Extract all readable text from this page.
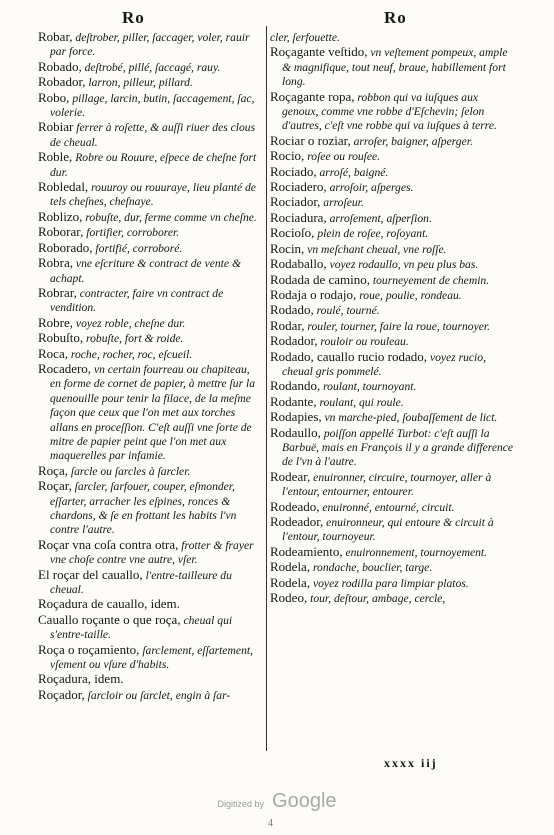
Ro	Ro

Robar, deſtrober, piller, ſaccager, voler, rauir par force.

Robado, deſtrobé, pillé, ſaccagé, rauy.

Robador, larron, pilleur, pillard.

Robo, pillage, larcin, butin, ſaccagement, ſac, volerie.

Robiar ferrer à roſette, & auſſi riuer des clous de cheual.

Roble, Robre ou Rouure, eſpece de cheſne fort dur.

Robledal, rouuroy ou rouuraye, lieu planté de tels cheſnes, cheſnaye.

Roblizo, robuſte, dur, ferme comme vn cheſne.

Roborar, fortifier, corroborer.

Roborado, fortifié, corroboré.

Robra, vne eſcriture & contract de vente & achapt.

Robrar, contracter, faire vn contract de vendition.

Robre, voyez roble, cheſne dur.

Robuſto, robuſte, fort & roide.

Roca, roche, rocher, roc, eſcueil.

Rocadero, vn certain fourreau ou chapiteau, en forme de cornet de papier, à mettre ſur la quenouille pour tenir la filace, de la meſme façon que ceux que l'on met aux torches allans en proceſſion. C'eſt auſſi vne ſorte de mitre de papier peint que l'on met aux maquerelles par infamie.

Roça, ſarcle ou ſarcles à ſarcler.

Roçar, ſarcler, ſarfouer, couper, eſmonder, eſſarter, arracher les eſpines, ronces & chardons, & ſe en frottant les habits l'vn contre l'autre.

Roçar vna coſa contra otra, frotter & frayer vne choſe contre vne autre, vſer.

El roçar del cauallo, l'entre-tailleure du cheual.

Roçadura de cauallo, idem.

Cauallo roçante o que roça, cheual qui s'entre-taille.

Roça o roçamiento, ſarclement, eſſartement, vſement ou vſure d'habits.

Roçadura, idem.

Roçador, ſarcloir ou ſarclet, engin à ſar-

cler, ſerfouette.

Roçagante veſtido, vn veſtement pompeux, ample & magnifique, tout neuf, braue, habillement fort long.

Roçagante ropa, robbon qui va iuſques aux genoux, comme vne robbe d'Eſchevin; ſelon d'autres, c'eſt vne robbe qui va iuſques à terre.

Rociar o roziar, arroſer, baigner, aſperger.

Rocio, roſee ou rouſee.

Rociado, arroſé, baigné.

Rociadero, arroſoir, aſperges.

Rociador, arroſeur.

Rociadura, arroſement, aſperſion.

Rocioſo, plein de roſee, roſoyant.

Rocin, vn meſchant cheual, vne roſſe.

Rodaballo, voyez rodaullo, vn peu plus bas.

Rodada de camino, tourneyement de chemin.

Rodaja o rodajo, roue, poulie, rondeau.

Rodado, roulé, tourné.

Rodar, rouler, tourner, faire la roue, tournoyer.

Rodador, rouloir ou rouleau.

Rodado, cauallo rucio rodado, voyez rucio, cheual gris pommelé.

Rodando, roulant, tournoyant.

Rodante, roulant, qui roule.

Rodapies, vn marche-pied, ſoubaſſement de lict.

Rodaullo, poiſſon appellé Turbot: c'eſt auſſi la Barbuë, mais en François il y a grande difference de l'vn à l'autre.

Rodear, enuironner, circuire, tournoyer, aller à l'entour, entourner, entourer.

Rodeado, enuironné, entourné, circuit.

Rodeador, enuironneur, qui entoure & circuit à l'entour, tournoyeur.

Rodeamiento, enuironnement, tournoyement.

Rodela, rondache, bouclier, targe.

Rodela, voyez rodilla para limpiar platos.

Rodeo, tour, deſtour, ambage, cercle,

xxxx iij
Digitized by Google
4
